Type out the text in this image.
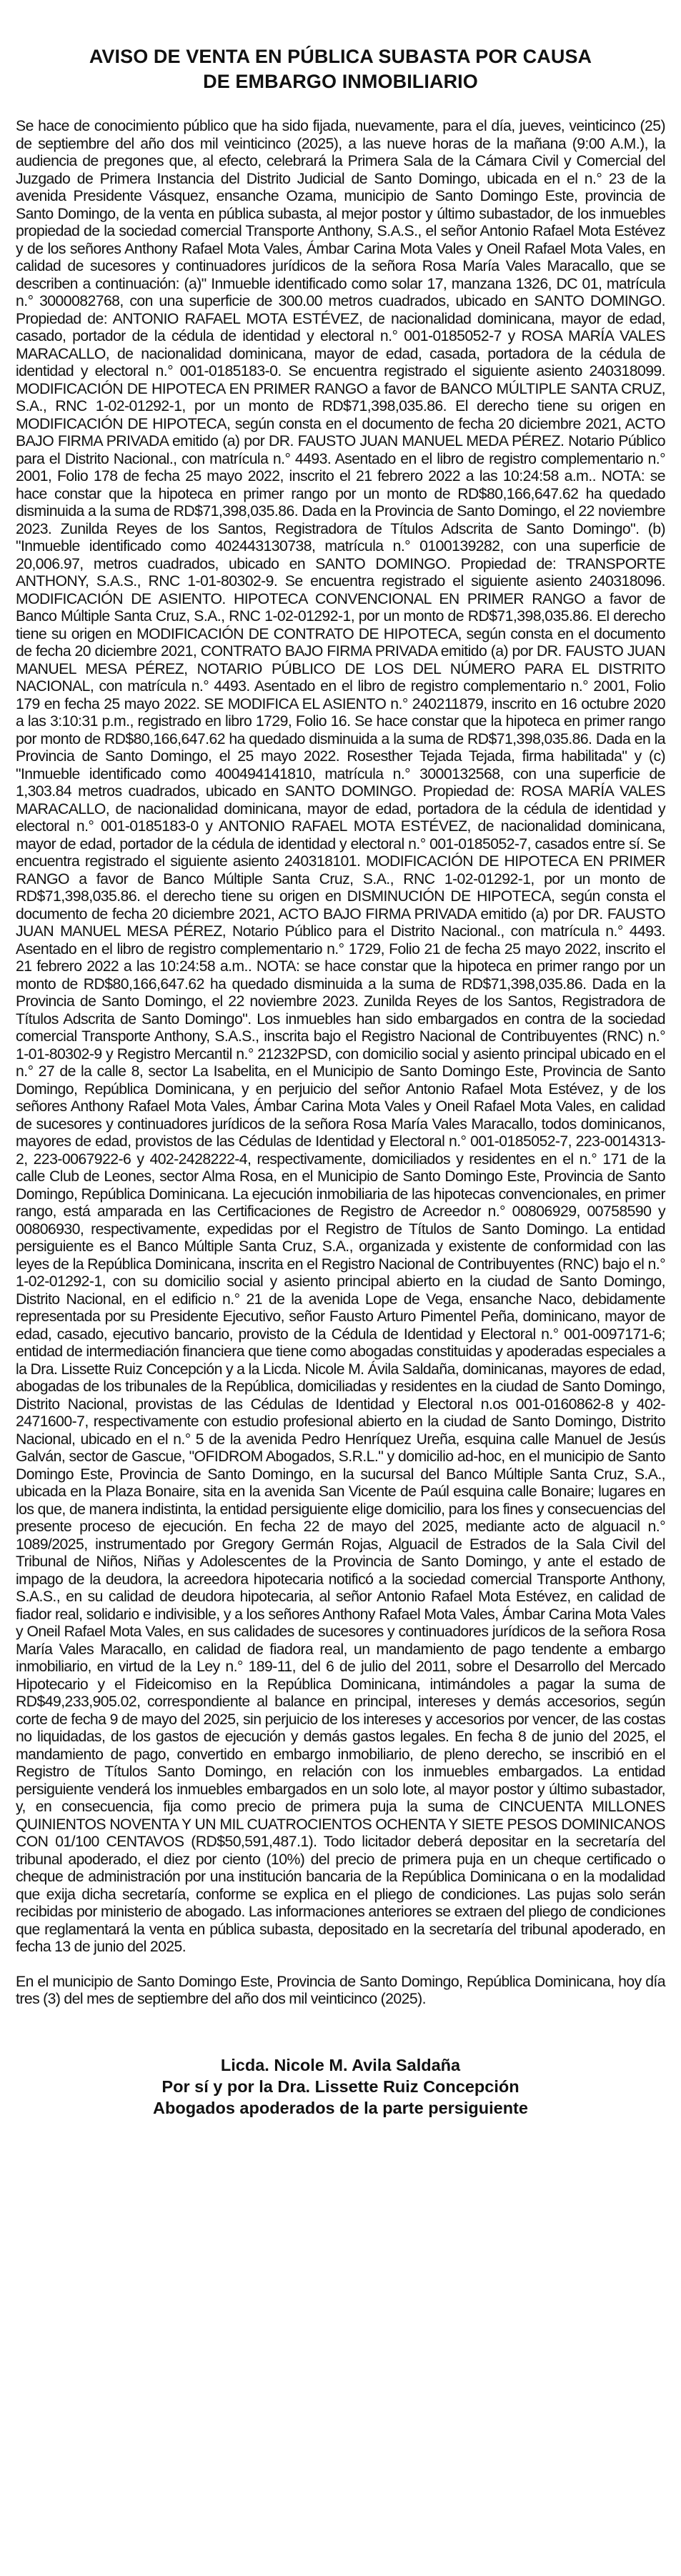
AVISO DE VENTA EN PÚBLICA SUBASTA POR CAUSA
DE EMBARGO INMOBILIARIO

Se hace de conocimiento público que ha sido fijada, nuevamente, para el día, jueves, veinticinco (25) de septiembre del año dos mil veinticinco (2025), a las nueve horas de la mañana (9:00 A.M.), la audiencia de pregones que, al efecto, celebrará la Primera Sala de la Cámara Civil y Comercial del Juzgado de Primera Instancia del Distrito Judicial de Santo Domingo, ubicada en el n.° 23 de la avenida Presidente Vásquez, ensanche Ozama, municipio de Santo Domingo Este, provincia de Santo Domingo, de la venta en pública subasta, al mejor postor y último subastador, de los inmuebles propiedad de la sociedad comercial Transporte Anthony, S.A.S., el señor Antonio Rafael Mota Estévez y de los señores Anthony Rafael Mota Vales, Ámbar Carina Mota Vales y Oneil Rafael Mota Vales, en calidad de sucesores y continuadores jurídicos de la señora Rosa María Vales Maracallo, que se describen a continuación: (a)" Inmueble identificado como solar 17, manzana 1326, DC 01, matrícula n.° 3000082768, con una superficie de 300.00 metros cuadrados, ubicado en SANTO DOMINGO. Propiedad de: ANTONIO RAFAEL MOTA ESTÉVEZ, de nacionalidad dominicana, mayor de edad, casado, portador de la cédula de identidad y electoral n.° 001-0185052-7 y ROSA MARÍA VALES MARACALLO, de nacionalidad dominicana, mayor de edad, casada, portadora de la cédula de identidad y electoral n.° 001-0185183-0. Se encuentra registrado el siguiente asiento 240318099. MODIFICACIÓN DE HIPOTECA EN PRIMER RANGO a favor de BANCO MÚLTIPLE SANTA CRUZ, S.A., RNC 1-02-01292-1, por un monto de RD$71,398,035.86. El derecho tiene su origen en MODIFICACIÓN DE HIPOTECA, según consta en el documento de fecha 20 diciembre 2021, ACTO BAJO FIRMA PRIVADA emitido (a) por DR. FAUSTO JUAN MANUEL MEDA PÉREZ. Notario Público para el Distrito Nacional., con matrícula n.° 4493. Asentado en el libro de registro complementario n.° 2001, Folio 178 de fecha 25 mayo 2022, inscrito el 21 febrero 2022 a las 10:24:58 a.m.. NOTA: se hace constar que la hipoteca en primer rango por un monto de RD$80,166,647.62 ha quedado disminuida a la suma de RD$71,398,035.86. Dada en la Provincia de Santo Domingo, el 22 noviembre 2023. Zunilda Reyes de los Santos, Registradora de Títulos Adscrita de Santo Domingo". (b) "Inmueble identificado como 402443130738, matrícula n.° 0100139282, con una superficie de 20,006.97, metros cuadrados, ubicado en SANTO DOMINGO. Propiedad de: TRANSPORTE ANTHONY, S.A.S., RNC 1-01-80302-9. Se encuentra registrado el siguiente asiento 240318096. MODIFICACIÓN DE ASIENTO. HIPOTECA CONVENCIONAL EN PRIMER RANGO a favor de Banco Múltiple Santa Cruz, S.A., RNC 1-02-01292-1, por un monto de RD$71,398,035.86. El derecho tiene su origen en MODIFICACIÓN DE CONTRATO DE HIPOTECA, según consta en el documento de fecha 20 diciembre 2021, CONTRATO BAJO FIRMA PRIVADA emitido (a) por DR. FAUSTO JUAN MANUEL MESA PÉREZ, NOTARIO PÚBLICO DE LOS DEL NÚMERO PARA EL DISTRITO NACIONAL, con matrícula n.° 4493. Asentado en el libro de registro complementario n.° 2001, Folio 179 en fecha 25 mayo 2022. SE MODIFICA EL ASIENTO n.° 240211879, inscrito en 16 octubre 2020 a las 3:10:31 p.m., registrado en libro 1729, Folio 16. Se hace constar que la hipoteca en primer rango por monto de RD$80,166,647.62 ha quedado disminuida a la suma de RD$71,398,035.86. Dada en la Provincia de Santo Domingo, el 25 mayo 2022. Rosesther Tejada Tejada, firma habilitada" y (c) "Inmueble identificado como 400494141810, matrícula n.° 3000132568, con una superficie de 1,303.84 metros cuadrados, ubicado en SANTO DOMINGO. Propiedad de: ROSA MARÍA VALES MARACALLO, de nacionalidad dominicana, mayor de edad, portadora de la cédula de identidad y electoral n.° 001-0185183-0 y ANTONIO RAFAEL MOTA ESTÉVEZ, de nacionalidad dominicana, mayor de edad, portador de la cédula de identidad y electoral n.° 001-0185052-7, casados entre sí. Se encuentra registrado el siguiente asiento 240318101. MODIFICACIÓN DE HIPOTECA EN PRIMER RANGO a favor de Banco Múltiple Santa Cruz, S.A., RNC 1-02-01292-1, por un monto de RD$71,398,035.86. el derecho tiene su origen en DISMINUCIÓN DE HIPOTECA, según consta el documento de fecha 20 diciembre 2021, ACTO BAJO FIRMA PRIVADA emitido (a) por DR. FAUSTO JUAN MANUEL MESA PÉREZ, Notario Público para el Distrito Nacional., con matrícula n.° 4493. Asentado en el libro de registro complementario n.° 1729, Folio 21 de fecha 25 mayo 2022, inscrito el 21 febrero 2022 a las 10:24:58 a.m.. NOTA: se hace constar que la hipoteca en primer rango por un monto de RD$80,166,647.62 ha quedado disminuida a la suma de RD$71,398,035.86. Dada en la Provincia de Santo Domingo, el 22 noviembre 2023. Zunilda Reyes de los Santos, Registradora de Títulos Adscrita de Santo Domingo". Los inmuebles han sido embargados en contra de la sociedad comercial Transporte Anthony, S.A.S., inscrita bajo el Registro Nacional de Contribuyentes (RNC) n.° 1-01-80302-9 y Registro Mercantil n.° 21232PSD, con domicilio social y asiento principal ubicado en el n.° 27 de la calle 8, sector La Isabelita, en el Municipio de Santo Domingo Este, Provincia de Santo Domingo, República Dominicana, y en perjuicio del señor Antonio Rafael Mota Estévez, y de los señores Anthony Rafael Mota Vales, Ámbar Carina Mota Vales y Oneil Rafael Mota Vales, en calidad de sucesores y continuadores jurídicos de la señora Rosa María Vales Maracallo, todos dominicanos, mayores de edad, provistos de las Cédulas de Identidad y Electoral n.° 001-0185052-7, 223-0014313-2, 223-0067922-6 y 402-2428222-4, respectivamente, domiciliados y residentes en el n.° 171 de la calle Club de Leones, sector Alma Rosa, en el Municipio de Santo Domingo Este, Provincia de Santo Domingo, República Dominicana. La ejecución inmobiliaria de las hipotecas convencionales, en primer rango, está amparada en las Certificaciones de Registro de Acreedor n.° 00806929, 00758590 y 00806930, respectivamente, expedidas por el Registro de Títulos de Santo Domingo. La entidad persiguiente es el Banco Múltiple Santa Cruz, S.A., organizada y existente de conformidad con las leyes de la República Dominicana, inscrita en el Registro Nacional de Contribuyentes (RNC) bajo el n.° 1-02-01292-1, con su domicilio social y asiento principal abierto en la ciudad de Santo Domingo, Distrito Nacional, en el edificio n.° 21 de la avenida Lope de Vega, ensanche Naco, debidamente representada por su Presidente Ejecutivo, señor Fausto Arturo Pimentel Peña, dominicano, mayor de edad, casado, ejecutivo bancario, provisto de la Cédula de Identidad y Electoral n.° 001-0097171-6; entidad de intermediación financiera que tiene como abogadas constituidas y apoderadas especiales a la Dra. Lissette Ruiz Concepción y a la Licda. Nicole M. Ávila Saldaña, dominicanas, mayores de edad, abogadas de los tribunales de la República, domiciliadas y residentes en la ciudad de Santo Domingo, Distrito Nacional, provistas de las Cédulas de Identidad y Electoral n.os 001-0160862-8 y 402-2471600-7, respectivamente con estudio profesional abierto en la ciudad de Santo Domingo, Distrito Nacional, ubicado en el n.° 5 de la avenida Pedro Henríquez Ureña, esquina calle Manuel de Jesús Galván, sector de Gascue, "OFIDROM Abogados, S.R.L." y domicilio ad-hoc, en el municipio de Santo Domingo Este, Provincia de Santo Domingo, en la sucursal del Banco Múltiple Santa Cruz, S.A., ubicada en la Plaza Bonaire, sita en la avenida San Vicente de Paúl esquina calle Bonaire; lugares en los que, de manera indistinta, la entidad persiguiente elige domicilio, para los fines y consecuencias del presente proceso de ejecución. En fecha 22 de mayo del 2025, mediante acto de alguacil n.° 1089/2025, instrumentado por Gregory Germán Rojas, Alguacil de Estrados de la Sala Civil del Tribunal de Niños, Niñas y Adolescentes de la Provincia de Santo Domingo, y ante el estado de impago de la deudora, la acreedora hipotecaria notificó a la sociedad comercial Transporte Anthony, S.A.S., en su calidad de deudora hipotecaria, al señor Antonio Rafael Mota Estévez, en calidad de fiador real, solidario e indivisible, y a los señores Anthony Rafael Mota Vales, Ámbar Carina Mota Vales y Oneil Rafael Mota Vales, en sus calidades de sucesores y continuadores jurídicos de la señora Rosa María Vales Maracallo, en calidad de fiadora real, un mandamiento de pago tendente a embargo inmobiliario, en virtud de la Ley n.° 189-11, del 6 de julio del 2011, sobre el Desarrollo del Mercado Hipotecario y el Fideicomiso en la República Dominicana, intimándoles a pagar la suma de RD$49,233,905.02, correspondiente al balance en principal, intereses y demás accesorios, según corte de fecha 9 de mayo del 2025, sin perjuicio de los intereses y accesorios por vencer, de las costas no liquidadas, de los gastos de ejecución y demás gastos legales. En fecha 8 de junio del 2025, el mandamiento de pago, convertido en embargo inmobiliario, de pleno derecho, se inscribió en el Registro de Títulos Santo Domingo, en relación con los inmuebles embargados. La entidad persiguiente venderá los inmuebles embargados en un solo lote, al mayor postor y último subastador, y, en consecuencia, fija como precio de primera puja la suma de CINCUENTA MILLONES QUINIENTOS NOVENTA Y UN MIL CUATROCIENTOS OCHENTA Y SIETE PESOS DOMINICANOS CON 01/100 CENTAVOS (RD$50,591,487.1). Todo licitador deberá depositar en la secretaría del tribunal apoderado, el diez por ciento (10%) del precio de primera puja en un cheque certificado o cheque de administración por una institución bancaria de la República Dominicana o en la modalidad que exija dicha secretaría, conforme se explica en el pliego de condiciones. Las pujas solo serán recibidas por ministerio de abogado. Las informaciones anteriores se extraen del pliego de condiciones que reglamentará la venta en pública subasta, depositado en la secretaría del tribunal apoderado, en fecha 13 de junio del 2025.

En el municipio de Santo Domingo Este, Provincia de Santo Domingo, República Dominicana, hoy día tres (3) del mes de septiembre del año dos mil veinticinco (2025).

Licda. Nicole M. Avila Saldaña
Por sí y por la Dra. Lissette Ruiz Concepción
Abogados apoderados de la parte persiguiente
